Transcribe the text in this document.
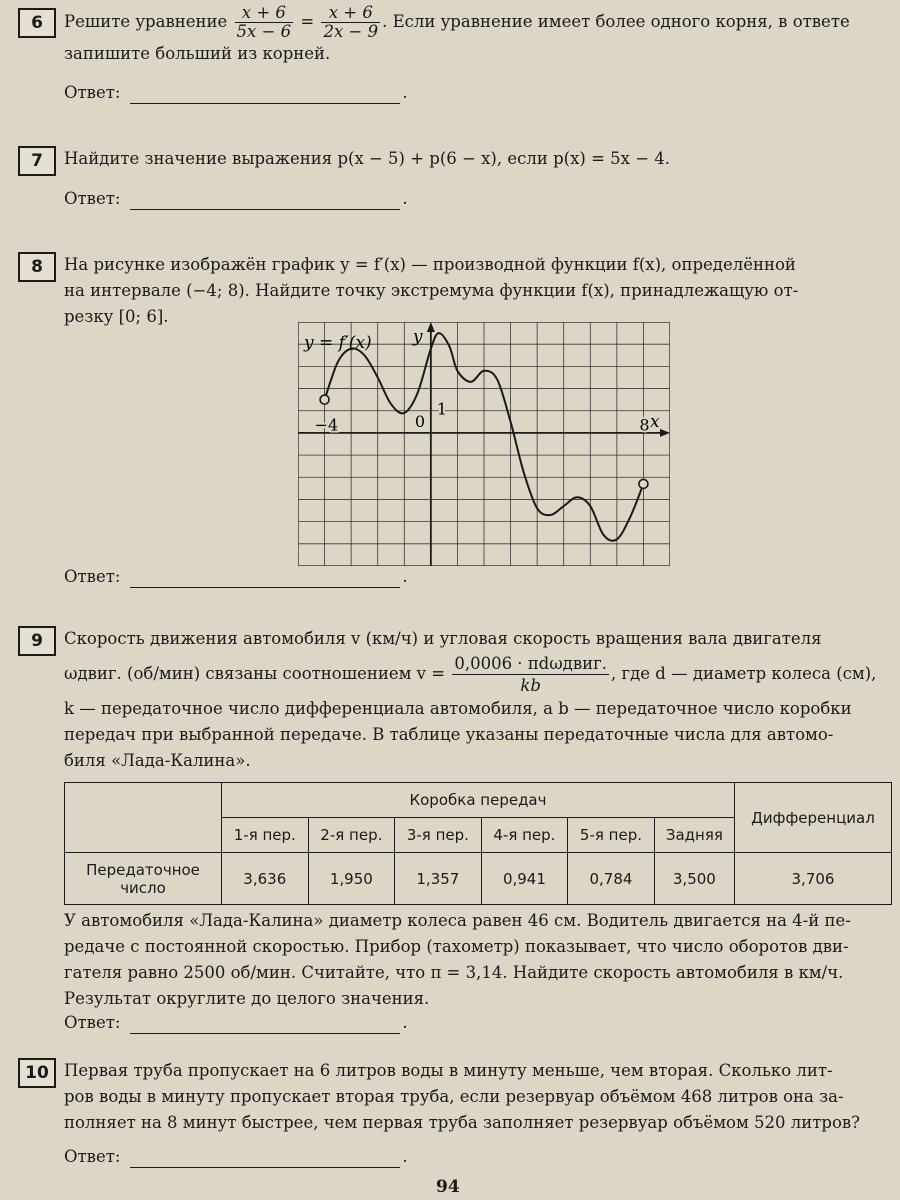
6	Решите уравнение $\frac{x + 6}{5x - 6} = \frac{x + 6}{2x - 9}$ . Если уравнение имеет более одного корня, в ответе
запишите больший из корней.
Ответ:	.
7	Найдите значение выражения p(x − 5) + p(6 − x), если p(x) = 5x − 4.
Ответ:	.
8	На рисунке изображён график y = f′(x) — производной функции f(x), определённой
на интервале (−4; 8). Найдите точку экстремума функции f(x), принадлежащую от-
резку [0; 6].
Ответ:	.
y = f′(x) y
x
−4	8
1
0
9	Скорость движения автомобиля v (км/ч) и угловая скорость вращения вала двигателя

ωдвиг. (об/мин) связаны соотношением $v = \frac{\text{0,0006 · πdωдвиг.}}{kb}$ , где d — диаметр колеса (см),
k — передаточное число дифференциала автомобиля, а b — передаточное число коробки
передач при выбранной передаче. В таблице указаны передаточные числа для автомо-
биля «Лада-Калина».
У автомобиля «Лада-Калина» диаметр колеса равен 46 см. Водитель двигается на 4-й пе-
редаче с постоянной скоростью. Прибор (тахометр) показывает, что число оборотов дви-
гателя равно 2500 об/мин. Считайте, что π = 3,14. Найдите скорость автомобиля в км/ч.
Результат округлите до целого значения.
Ответ:	.
	Коробка передач						Дифференциал
	1-я пер.	2-я пер.	3-я пер.	4-я пер.	5-я пер.	Задняя	
Передаточное число	3,636	1,950	1,357	0,941	0,784	3,500	3,706
10 Первая труба пропускает на 6 литров воды в минуту меньше, чем вторая. Сколько лит-
ров воды в минуту пропускает вторая труба, если резервуар объёмом 468 литров она за-
полняет на 8 минут быстрее, чем первая труба заполняет резервуар объёмом 520 литров?
Ответ:	.
94
